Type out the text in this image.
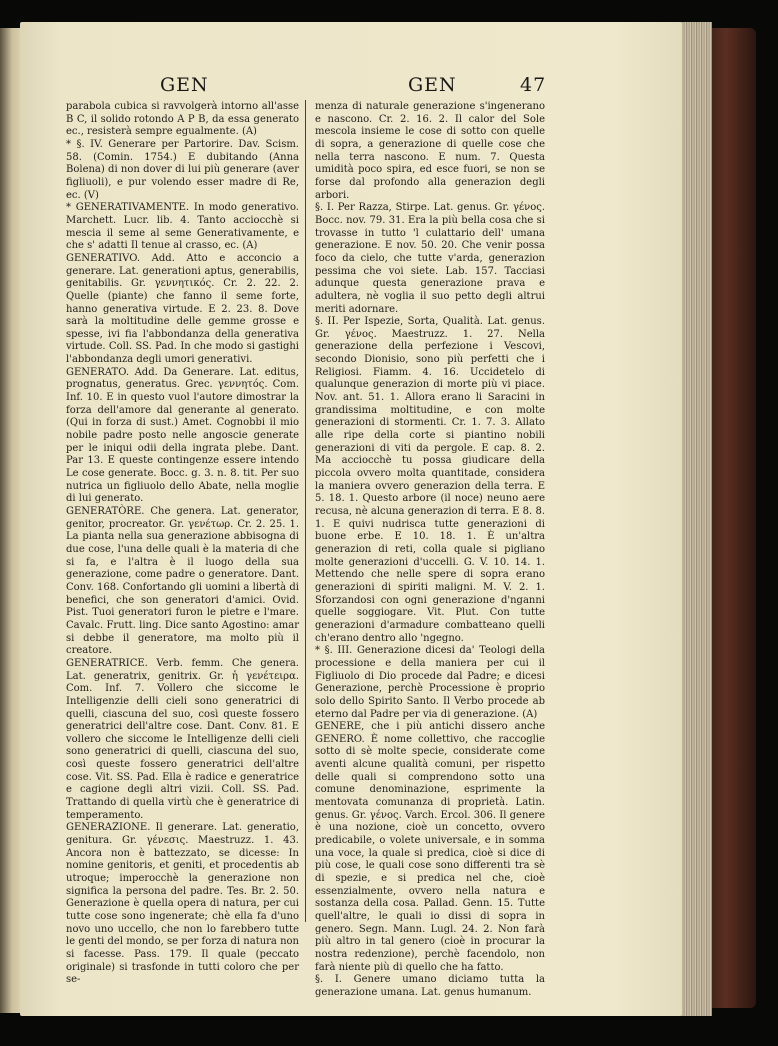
GEN	GEN	47

parabola cubica si ravvolgerà intorno all'asse B C, il solido rotondo A P B, da essa generato ec., resisterà sempre egualmente. (A)

* §. IV. Generare per Partorire. Dav. Scism. 58. (Comin. 1754.) E dubitando (Anna Bolena) di non dover di lui più generare (aver figliuoli), e pur volendo esser madre di Re, ec. (V)

* GENERATIVAMENTE. In modo generativo. Marchett. Lucr. lib. 4. Tanto acciocchè si mescia il seme al seme Generativamente, e che s' adatti Il tenue al crasso, ec. (A)

GENERATIVO. Add. Atto e acconcio a generare. Lat. generationi aptus, generabilis, genitabilis. Gr. γεννητικός. Cr. 2. 22. 2. Quelle (piante) che fanno il seme forte, hanno generativa virtude. E 2. 23. 8. Dove sarà la moltitudine delle gemme grosse e spesse, ivi fia l'abbondanza della generativa virtude. Coll. SS. Pad. In che modo si gastighi l'abbondanza degli umori generativi.

GENERATO. Add. Da Generare. Lat. editus, prognatus, generatus. Grec. γεννητός. Com. Inf. 10. E in questo vuol l'autore dimostrar la forza dell'amore dal generante al generato. (Qui in forza di sust.) Amet. Cognobbi il mio nobile padre posto nelle angoscie generate per le iniqui odii della ingrata plebe. Dant. Par 13. E queste contingenze essere intendo Le cose generate. Bocc. g. 3. n. 8. tit. Per suo nutrica un figliuolo dello Abate, nella moglie di lui generato.

GENERATÒRE. Che genera. Lat. generator, genitor, procreator. Gr. γενέτωρ. Cr. 2. 25. 1. La pianta nella sua generazione abbisogna di due cose, l'una delle quali è la materia di che si fa, e l'altra è il luogo della sua generazione, come padre o generatore. Dant. Conv. 168. Confortando gli uomini a libertà di benefici, che son generatori d'amici. Ovid. Pist. Tuoi generatori furon le pietre e l'mare. Cavalc. Frutt. ling. Dice santo Agostino: amar si debbe il generatore, ma molto più il creatore.

GENERATRICE. Verb. femm. Che genera. Lat. generatrix, genitrix. Gr. ἡ γενέτειρα. Com. Inf. 7. Vollero che siccome le Intelligenzie delli cieli sono generatrici di quelli, ciascuna del suo, così queste fossero generatrici dell'altre cose. Dant. Conv. 81. E vollero che siccome le Intelligenze delli cieli sono generatrici di quelli, ciascuna del suo, così queste fossero generatrici dell'altre cose. Vit. SS. Pad. Ella è radice e generatrice e cagione degli altri vizii. Coll. SS. Pad. Trattando di quella virtù che è generatrice di temperamento.

GENERAZIONE. Il generare. Lat. generatio, genitura. Gr. γένεσις. Maestruzz. 1. 43. Ancora non è battezzato, se dicesse: In nomine genitoris, et geniti, et procedentis ab utroque; imperocchè la generazione non significa la persona del padre. Tes. Br. 2. 50. Generazione è quella opera di natura, per cui tutte cose sono ingenerate; chè ella fa d'uno novo uno uccello, che non lo farebbero tutte le genti del mondo, se per forza di natura non si facesse. Pass. 179. Il quale (peccato originale) si trasfonde in tutti coloro che per se-

menza di naturale generazione s'ingenerano e nascono. Cr. 2. 16. 2. Il calor del Sole mescola insieme le cose di sotto con quelle di sopra, a generazione di quelle cose che nella terra nascono. E num. 7. Questa umidità poco spira, ed esce fuori, se non se forse dal profondo alla generazion degli arbori.

§. I. Per Razza, Stirpe. Lat. genus. Gr. γένος. Bocc. nov. 79. 31. Era la più bella cosa che si trovasse in tutto 'l culattario dell' umana generazione. E nov. 50. 20. Che venir possa foco da cielo, che tutte v'arda, generazion pessima che voi siete. Lab. 157. Tacciasi adunque questa generazione prava e adultera, nè voglia il suo petto degli altrui meriti adornare.

§. II. Per Ispezie, Sorta, Qualità. Lat. genus. Gr. γένος. Maestruzz. 1. 27. Nella generazione della perfezione i Vescovi, secondo Dionisio, sono più perfetti che i Religiosi. Fiamm. 4. 16. Uccidetelo di qualunque generazion di morte più vi piace. Nov. ant. 51. 1. Allora erano li Saracini in grandissima moltitudine, e con molte generazioni di stormenti. Cr. 1. 7. 3. Allato alle ripe della corte si piantino nobili generazioni di viti da pergole. E cap. 8. 2. Ma acciocchè tu possa giudicare della piccola ovvero molta quantitade, considera la maniera ovvero generazion della terra. E 5. 18. 1. Questo arbore (il noce) neuno aere recusa, nè alcuna generazion di terra. E 8. 8. 1. E quivi nudrisca tutte generazioni di buone erbe. E 10. 18. 1. È un'altra generazion di reti, colla quale si pigliano molte generazioni d'uccelli. G. V. 10. 14. 1. Mettendo che nelle spere di sopra erano generazioni di spiriti maligni. M. V. 2. 1. Sforzandosi con ogni generazione d'nganni quelle soggiogare. Vit. Plut. Con tutte generazioni d'armadure combatteano quelli ch'erano dentro allo 'ngegno.

* §. III. Generazione dicesi da' Teologi della processione e della maniera per cui il Figliuolo di Dio procede dal Padre; e dicesi Generazione, perchè Processione è proprio solo dello Spirito Santo. Il Verbo procede ab eterno dal Padre per via di generazione. (A)

GENERE, che i più antichi dissero anche GENERO. È nome collettivo, che raccoglie sotto di sè molte specie, considerate come aventi alcune qualità comuni, per rispetto delle quali si comprendono sotto una comune denominazione, esprimente la mentovata comunanza di proprietà. Latin. genus. Gr. γένος. Varch. Ercol. 306. Il genere è una nozione, cioè un concetto, ovvero predicabile, o volete universale, e in somma una voce, la quale si predica, cioè si dice di più cose, le quali cose sono differenti tra sè di spezie, e si predica nel che, cioè essenzialmente, ovvero nella natura e sostanza della cosa. Pallad. Genn. 15. Tutte quell'altre, le quali io dissi di sopra in genero. Segn. Mann. Lugl. 24. 2. Non farà più altro in tal genero (cioè in procurar la nostra redenzione), perchè facendolo, non farà niente più di quello che ha fatto.

§. I. Genere umano diciamo tutta la generazione umana. Lat. genus humanum.
